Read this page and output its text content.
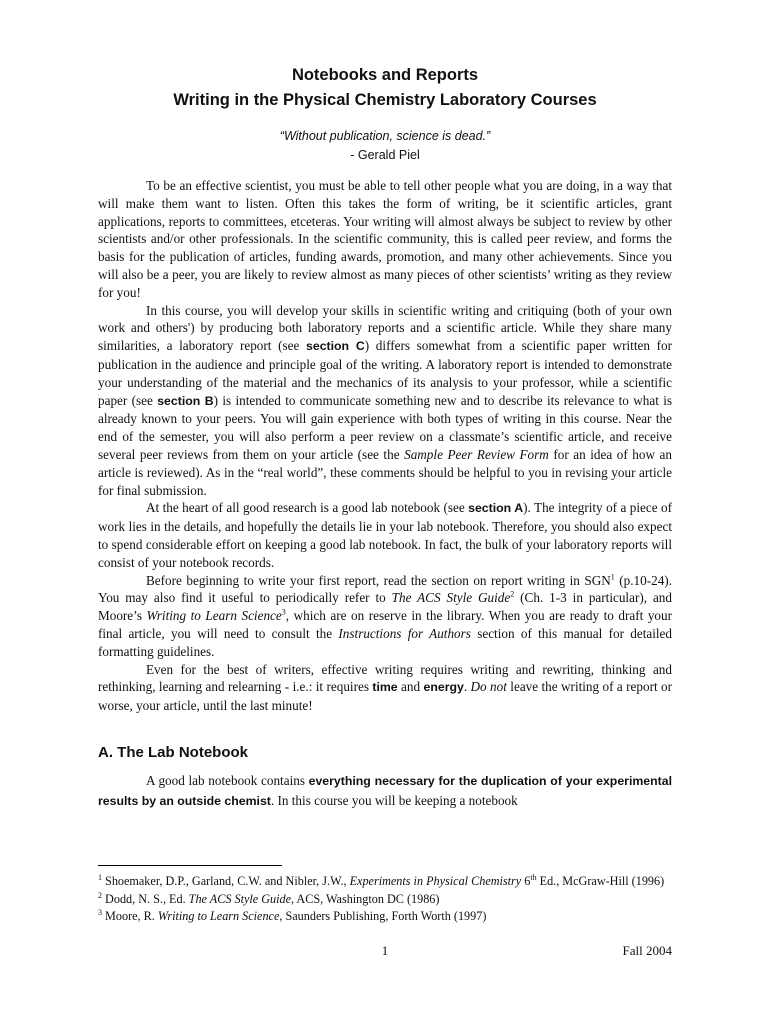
Notebooks and Reports
Writing in the Physical Chemistry Laboratory Courses
“Without publication, science is dead.”
- Gerald Piel

To be an effective scientist, you must be able to tell other people what you are doing, in a way that will make them want to listen. Often this takes the form of writing, be it scientific articles, grant applications, reports to committees, etceteras. Your writing will almost always be subject to review by other scientists and/or other professionals. In the scientific community, this is called peer review, and forms the basis for the publication of articles, funding awards, promotion, and many other achievements. Since you will also be a peer, you are likely to review almost as many pieces of other scientists’ writing as they review for you!

In this course, you will develop your skills in scientific writing and critiquing (both of your own work and others') by producing both laboratory reports and a scientific article. While they share many similarities, a laboratory report (see section C) differs somewhat from a scientific paper written for publication in the audience and principle goal of the writing. A laboratory report is intended to demonstrate your understanding of the material and the mechanics of its analysis to your professor, while a scientific paper (see section B) is intended to communicate something new and to describe its relevance to what is already known to your peers. You will gain experience with both types of writing in this course. Near the end of the semester, you will also perform a peer review on a classmate’s scientific article, and receive several peer reviews from them on your article (see the Sample Peer Review Form for an idea of how an article is reviewed). As in the “real world”, these comments should be helpful to you in revising your article for final submission.

At the heart of all good research is a good lab notebook (see section A). The integrity of a piece of work lies in the details, and hopefully the details lie in your lab notebook. Therefore, you should also expect to spend considerable effort on keeping a good lab notebook. In fact, the bulk of your laboratory reports will consist of your notebook records.

Before beginning to write your first report, read the section on report writing in SGN$^1$ (p.10-24). You may also find it useful to periodically refer to The ACS Style Guide$^2$ (Ch. 1-3 in particular), and Moore’s Writing to Learn Science$^3$, which are on reserve in the library. When you are ready to draft your final article, you will need to consult the Instructions for Authors section of this manual for detailed formatting guidelines.

Even for the best of writers, effective writing requires writing and rewriting, thinking and rethinking, learning and relearning - i.e.: it requires time and energy. Do not leave the writing of a report or worse, your article, until the last minute!

A. The Lab Notebook

A good lab notebook contains everything necessary for the duplication of your experimental results by an outside chemist. In this course you will be keeping a notebook

$^1$ Shoemaker, D.P., Garland, C.W. and Nibler, J.W., Experiments in Physical Chemistry 6th Ed., McGraw-Hill (1996)

$^2$ Dodd, N. S., Ed. The ACS Style Guide, ACS, Washington DC (1986)

$^3$ Moore, R. Writing to Learn Science, Saunders Publishing, Forth Worth (1997)

1	Fall 2004
